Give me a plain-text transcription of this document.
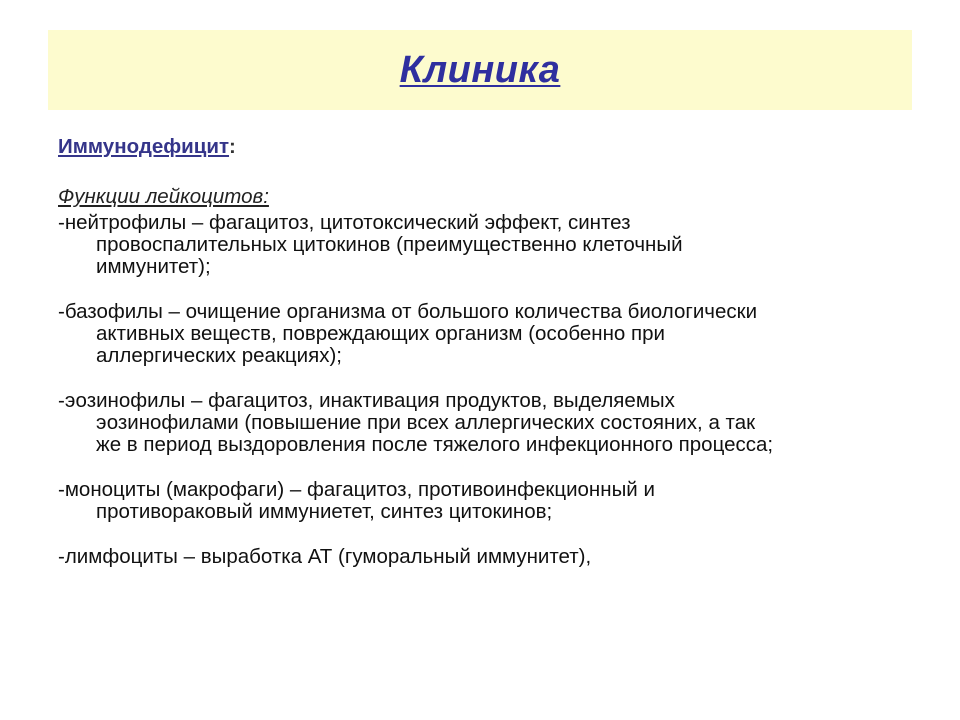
Клиника

Иммунодефицит:

Функции лейкоцитов:

-нейтрофилы – фагацитоз, цитотоксический эффект, синтез
провоспалительных цитокинов (преимущественно клеточный
иммунитет);

-базофилы – очищение организма от большого количества биологически
активных веществ, повреждающих организм (особенно при
аллергических реакциях);

-эозинофилы – фагацитоз, инактивация продуктов, выделяемых
эозинофилами (повышение при всех аллергических состояних, а так
же в период выздоровления после тяжелого инфекционного процесса;

-моноциты (макрофаги) – фагацитоз, противоинфекционный и
противораковый иммуниетет, синтез цитокинов;

-лимфоциты – выработка АТ (гуморальный иммунитет),
